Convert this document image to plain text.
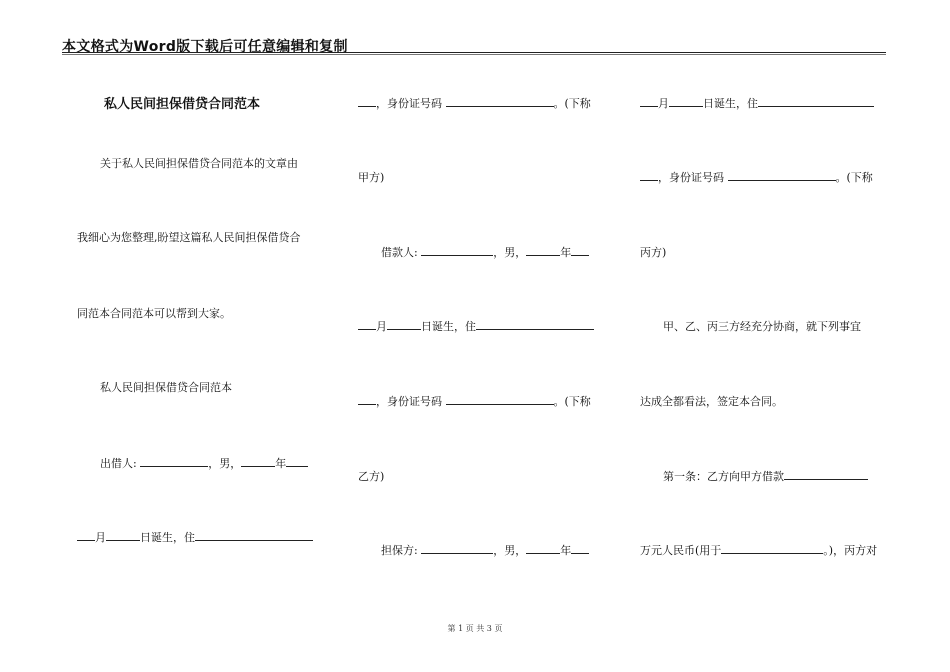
本文格式为Word版下载后可任意编辑和复制
私人民间担保借贷合同范本
关于私人民间担保借贷合同范本的文章由
我细心为您整理,盼望这篇私人民间担保借贷合
同范本合同范本可以帮到大家。
私人民间担保借贷合同范本
出借人:	，男，	年
月	日诞生，住
，身份证号码	。(下称
甲方)
借款人:	，男，	年
月	日诞生，住
，身份证号码	。(下称
乙方)
担保方:	，男，	年
月	日诞生，住
，身份证号码	。(下称
丙方)
甲、乙、丙三方经充分协商，就下列事宜
达成全都看法，签定本合同。
第一条：乙方向甲方借款
万元人民币(用于	。)，丙方对
第 1 页 共 3 页
